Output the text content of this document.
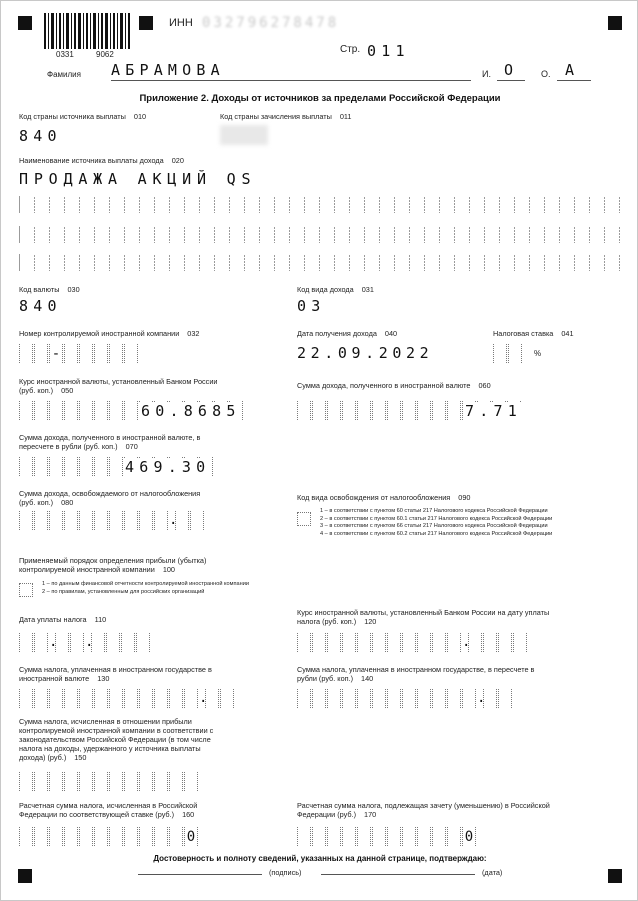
0331	9062
ИНН 032796278478
Стр. 011
Фамилия АБРАМОВА	И. О	О. А
Приложение 2. Доходы от источников за пределами Российской Федерации
Код страны источника выплаты 010
840
Код страны зачисления выплаты 011
Наименование источника выплаты дохода 020
ПРОДАЖА АКЦИЙ QS
Код валюты 030
840
Код вида дохода 031
03
Номер контролируемой иностранной компании 032
-
Дата получения дохода 040
22.09.2022
Налоговая ставка 041
%
Курс иностранной валюты, установленный Банком России
(руб. коп.) 050
60.8685
Сумма дохода, полученного в иностранной валюте 060
7.71
Сумма дохода, полученного в иностранной валюте, в
пересчете в рубли (руб. коп.) 070
469.30
Сумма дохода, освобождаемого от налогообложения
(руб. коп.) 080
.
Код вида освобождения от налогообложения 090
1 – в соответствии с пунктом 60 статьи 217 Налогового кодекса Российской Федерации
2 – в соответствии с пунктом 60.1 статьи 217 Налогового кодекса Российской Федерации
3 – в соответствии с пунктом 66 статьи 217 Налогового кодекса Российской Федерации
4 – в соответствии с пунктом 60.2 статьи 217 Налогового кодекса Российской Федерации
Применяемый порядок определения прибыли (убытка)
контролируемой иностранной компании 100
1 – по данным финансовой отчетности контролируемой иностранной компании
2 – по правилам, установленным для российских организаций
Дата уплаты налога 110
. .
Курс иностранной валюты, установленный Банком России на дату уплаты
налога (руб. коп.) 120
.
Сумма налога, уплаченная в иностранном государстве в
иностранной валюте 130
.
Сумма налога, уплаченная в иностранном государстве, в пересчете в
рубли (руб. коп.) 140
.
Сумма налога, исчисленная в отношении прибыли
контролируемой иностранной компании в соответствии с
законодательством Российской Федерации (в том числе
налога на доходы, удержанного у источника выплаты
дохода) (руб.) 150
Расчетная сумма налога, исчисленная в Российской
Федерации по соответствующей ставке (руб.) 160
0
Расчетная сумма налога, подлежащая зачету (уменьшению) в Российской
Федерации (руб.) 170
0
Достоверность и полноту сведений, указанных на данной странице, подтверждаю:
(подпись)	(дата)
